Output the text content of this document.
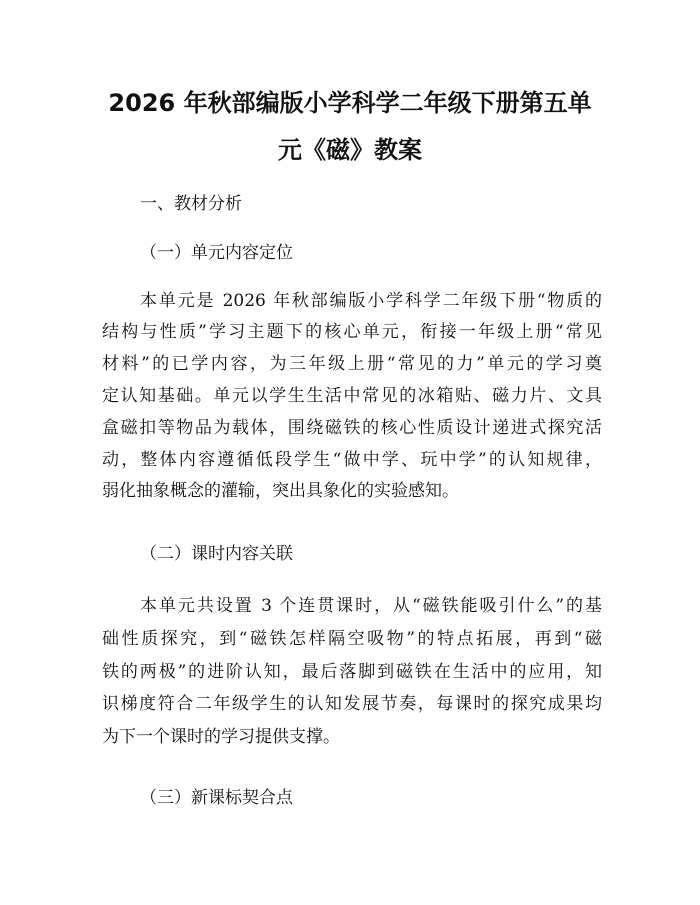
2026 年秋部编版小学科学二年级下册第五单
元《磁》教案
一、教材分析
（一）单元内容定位
本单元是 2026 年秋部编版小学科学二年级下册“物质的
结构与性质”学习主题下的核心单元，衔接一年级上册“常见
材料”的已学内容，为三年级上册“常见的力”单元的学习奠
定认知基础。单元以学生生活中常见的冰箱贴、磁力片、文具
盒磁扣等物品为载体，围绕磁铁的核心性质设计递进式探究活
动，整体内容遵循低段学生“做中学、玩中学”的认知规律，
弱化抽象概念的灌输，突出具象化的实验感知。
（二）课时内容关联
本单元共设置 3 个连贯课时，从“磁铁能吸引什么”的基
础性质探究，到“磁铁怎样隔空吸物”的特点拓展，再到“磁
铁的两极”的进阶认知，最后落脚到磁铁在生活中的应用，知
识梯度符合二年级学生的认知发展节奏，每课时的探究成果均
为下一个课时的学习提供支撑。
（三）新课标契合点
